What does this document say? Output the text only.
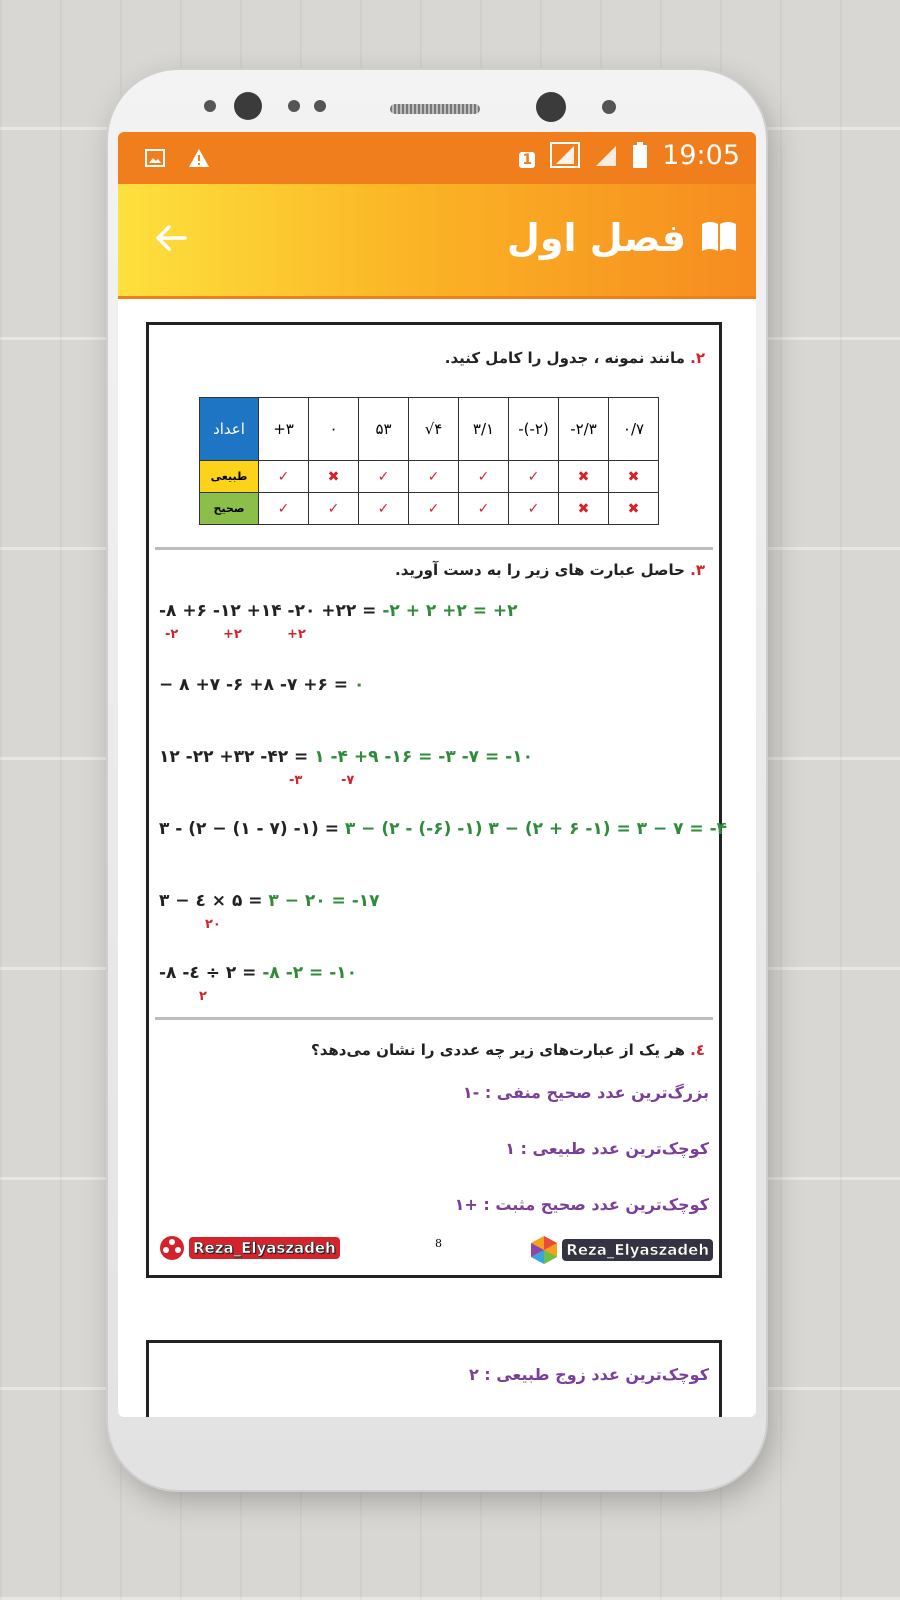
1	19:05
فصل اول
۲. مانند نمونه ، جدول را کامل کنید.
اعداد	+۳	۰	۵۳	√۴	۳/۱	-(-۲)	-۲/۳	۰/۷
طبیعی	✓	✖	✓	✓	✓	✓	✖	✖
صحیح	✓	✓	✓	✓	✓	✓	✖	✖
۳. حاصل عبارت های زیر را به دست آورید.
-۸ +۶ -۱۲ +۱۴ -۲۰ +۲۲ = -۲ + ۲ +۲ = +۲
-۲	+۲	+۲
− ۸ +۷ -۶ +۸ -۷ +۶ = ۰
۱۲ -۲۲ +۳۲ -۴۲ = ۱ -۴ +۹ -۱۶ = -۳ -۷ = -۱۰
-۳	-۷
۳ - (۲ − (۱ - ۷) -۱) = ۳ − (۲ - (-۶) -۱) ۳ − (۲ + ۶ -۱) = ۳ − ۷ = -۴
۳ − ٤ × ۵ = ۳ − ۲۰ = -۱۷
۲۰
-۸ -٤ ÷ ۲ = -۸ -۲ = -۱۰
۲
٤. هر یک از عبارت‌های زیر چه عددی را نشان می‌دهد؟
بزرگ‌ترین عدد صحیح منفی : -۱
کوچک‌ترین عدد طبیعی : ۱
کوچک‌ترین عدد صحیح مثبت : +۱
Reza_Elyaszadeh	8	Reza_Elyaszadeh
کوچک‌ترین عدد زوج طبیعی : ۲
